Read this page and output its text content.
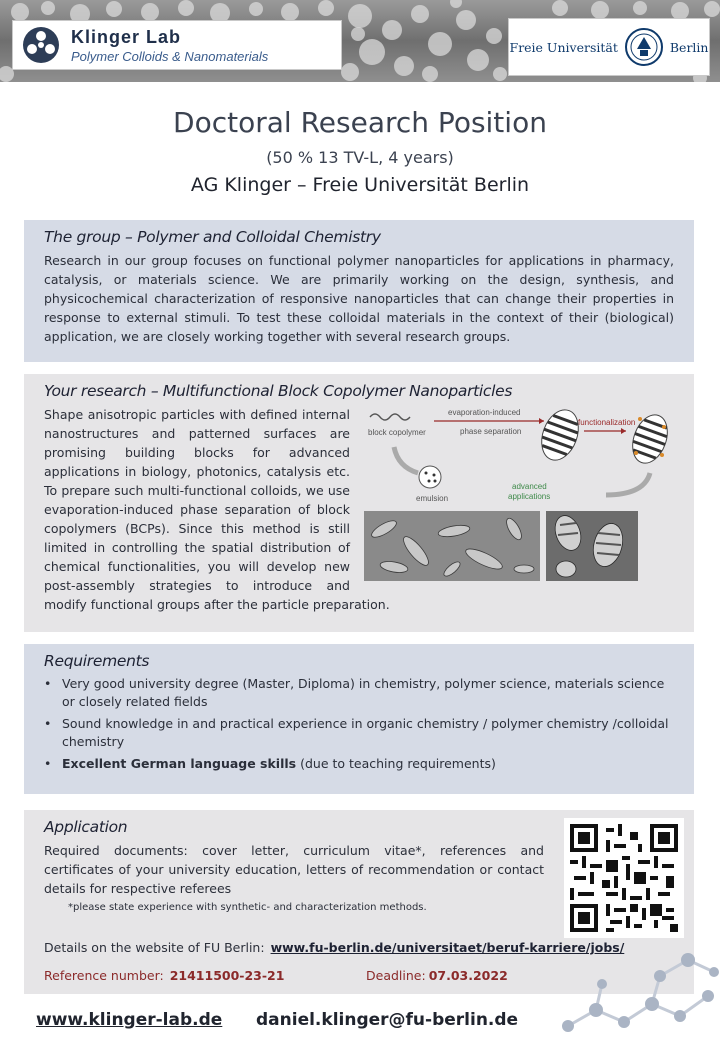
Klinger Lab
Polymer Colloids & Nanomaterials
Freie Universität	Berlin
Doctoral Research Position
(50 % 13 TV-L, 4 years)
AG Klinger – Freie Universität Berlin
The group – Polymer and Colloidal Chemistry
Research in our group focuses on functional polymer nanoparticles for applications in pharmacy, catalysis, or materials science. We are primarily working on the design, synthesis, and physicochemical characterization of responsive nanoparticles that can change their properties in response to external stimuli. To test these colloidal materials in the context of their (biological) application, we are closely working together with several research groups.
Your research – Multifunctional Block Copolymer Nanoparticles
block copolymer
evaporation-induced
phase separation
functionalization
emulsion
advanced
applications
Shape anisotropic particles with defined internal nanostructures and patterned surfaces are promising building blocks for advanced applications in biology, photonics, catalysis etc. To prepare such multi-functional colloids, we use evaporation-induced phase separation of block copolymers (BCPs). Since this method is still limited in controlling the spatial distribution of chemical functionalities, you will develop new post-assembly strategies to introduce and modify functional groups after the particle preparation.
Requirements
• Very good university degree (Master, Diploma) in chemistry, polymer science, materials science or closely related fields
• Sound knowledge in and practical experience in organic chemistry / polymer chemistry /colloidal chemistry
• Excellent German language skills (due to teaching requirements)
Application
Required documents: cover letter, curriculum vitae*, references and certificates of your university education, letters of recommendation or contact details for respective referees
*please state experience with synthetic- and characterization methods.
Details on the website of FU Berlin: www.fu-berlin.de/universitaet/beruf-karriere/jobs/
Reference number: 21411500-23-21	Deadline: 07.03.2022
www.klinger-lab.de daniel.klinger@fu-berlin.de
